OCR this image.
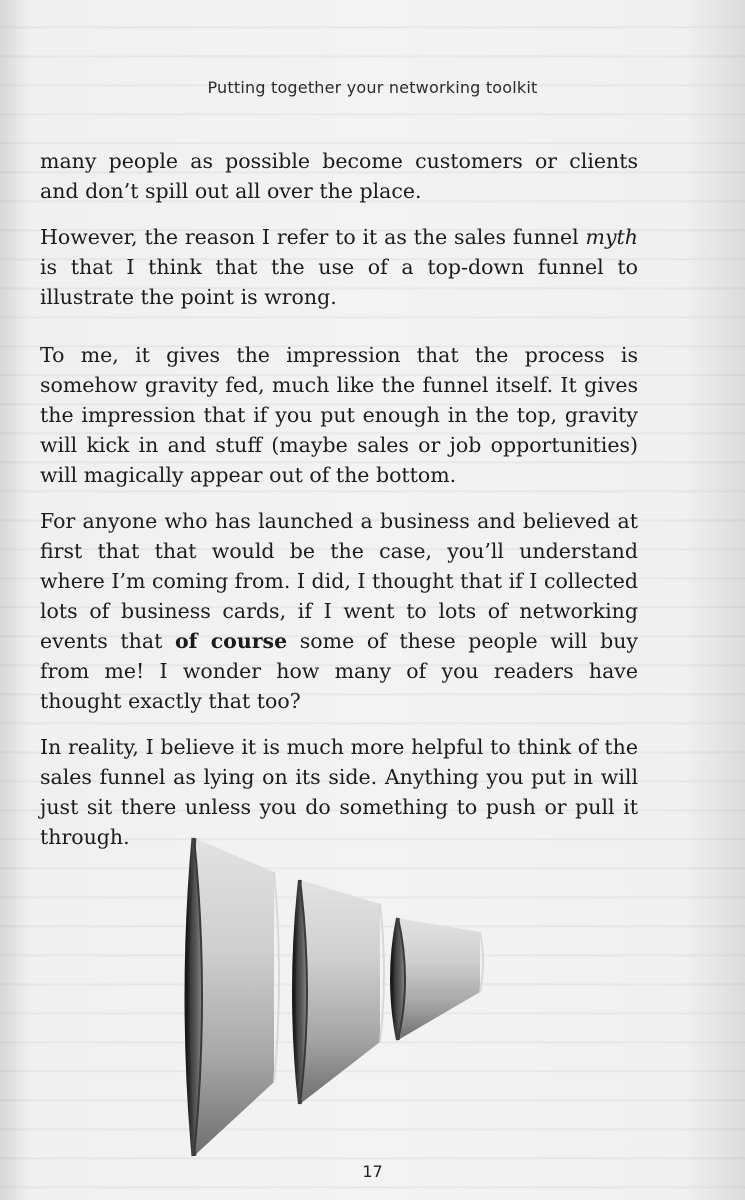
Putting together your networking toolkit

many people as possible become customers or clients and don’t spill out all over the place.

However, the reason I refer to it as the sales funnel myth is that I think that the use of a top-down funnel to illustrate the point is wrong.

To me, it gives the impression that the process is somehow gravity fed, much like the funnel itself. It gives the impression that if you put enough in the top, gravity will kick in and stuff (maybe sales or job opportunities) will magically appear out of the bottom.

For anyone who has launched a business and believed at first that that would be the case, you’ll understand where I’m coming from. I did, I thought that if I collected lots of business cards, if I went to lots of networking events that of course some of these people will buy from me! I wonder how many of you readers have thought exactly that too?

In reality, I believe it is much more helpful to think of the sales funnel as lying on its side. Anything you put in will just sit there unless you do something to push or pull it through.

17
